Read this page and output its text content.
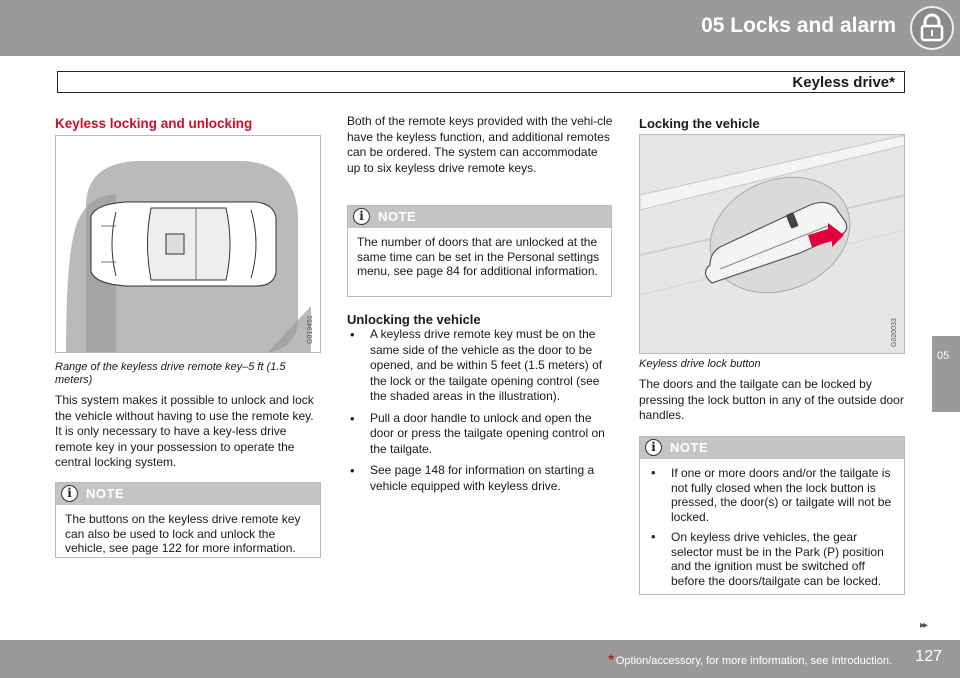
05 Locks and alarm
Keyless drive*
Keyless locking and unlocking
G019451
Range of the keyless drive remote key–5 ft (1.5 meters)
This system makes it possible to unlock and lock the vehicle without having to use the remote key. It is only necessary to have a key-less drive remote key in your possession to operate the central locking system.
i	NOTE
The buttons on the keyless drive remote key can also be used to lock and unlock the vehicle, see page 122 for more information.
Both of the remote keys provided with the vehi-cle have the keyless function, and additional remotes can be ordered. The system can accommodate up to six keyless drive remote keys.
i	NOTE
The number of doors that are unlocked at the same time can be set in the Personal settings menu, see page 84 for additional information.
Unlocking the vehicle
• A keyless drive remote key must be on the same side of the vehicle as the door to be opened, and be within 5 feet (1.5 meters) of the lock or the tailgate opening control (see the shaded areas in the illustration).
• Pull a door handle to unlock and open the door or press the tailgate opening control on the tailgate.
• See page 148 for information on starting a vehicle equipped with keyless drive.
Locking the vehicle
G020033
Keyless drive lock button
The doors and the tailgate can be locked by pressing the lock button in any of the outside door handles.
i	NOTE
• If one or more doors and/or the tailgate is not fully closed when the lock button is pressed, the door(s) or tailgate will not be locked.
• On keyless drive vehicles, the gear selector must be in the Park (P) position and the ignition must be switched off before the doors/tailgate can be locked.
05
▸▸
* Option/accessory, for more information, see Introduction. 127
